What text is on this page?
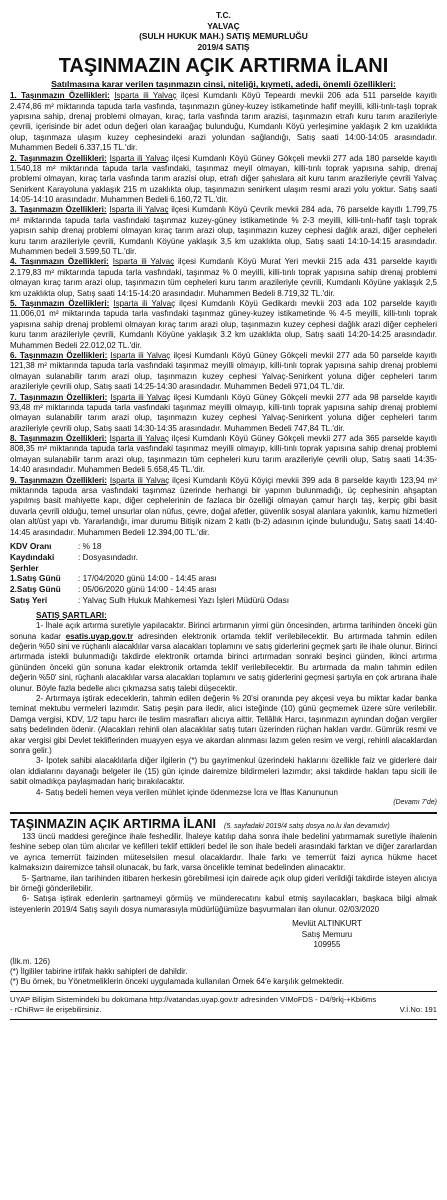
T.C.
YALVAÇ
(SULH HUKUK MAH.) SATIŞ MEMURLUĞU
2019/4 SATIŞ
TAŞINMAZIN AÇIK ARTIRMA İLANI
Satılmasına karar verilen taşınmazın cinsi, niteliği, kıymeti, adedi, önemli özellikleri:
1. Taşınmazın Özellikleri: Isparta ili Yalvaç ilçesi Kumdanlı Köyü Tepeardı mevkii 206 ada 511 parselde kayıtlı 2.474,86 m² miktarında tapuda tarla vasfında, taşınmazın güney-kuzey istikametinde hafif meyilli, killi-tınlı-taşlı toprak yapısına sahip, drenaj problemi olmayan, kıraç, tarla vasfında tarım arazisi, taşınmazın etrafı kuru tarım arazileriyle çevrili, içerisinde bir adet odun değeri olan karaağaç bulunduğu, Kumdanlı Köyü yerleşimine yaklaşık 2 km uzaklıkta olup, taşınmaza ulaşım kuzey cephesindeki arazi yolundan sağlandığı, Satış saati 14:00-14:05 arasındadır. Muhammen Bedeli 6.337,15 TL.'dir.
2. Taşınmazın Özellikleri: Isparta ili Yalvaç ilçesi Kumdanlı Köyü Güney Gökçeli mevkii 277 ada 180 parselde kayıtlı 1.540,18 m² miktarında tapuda tarla vasfındaki, taşınmaz meyil olmayan, killi-tınlı toprak yapısına sahip, drenaj problemi olmayan, kıraç tarla vasfında tarım arazisi olup, etrafı diğer şahıslara ait kuru tarım arazileriyle çevrili Yalvaç Senirkent Karayoluna yaklaşık 215 m uzaklıkta olup, taşınmazın senirkent ulaşım resmi arazi yolu yoktur. Satış saati 14:05-14:10 arasındadır. Muhammen Bedeli 6.160,72 TL.'dir.
3. Taşınmazın Özellikleri: Isparta ili Yalvaç ilçesi Kumdanlı Köyü Çevrik mevkii 284 ada, 76 parselde kayıtlı 1.799,75 m² miktarında tapuda tarla vasfındaki taşınmaz kuzey-güney istikametinde % 2-3 meyilli, killi-tınlı-hafif taşlı toprak yapısın sahip drenaj problemi olmayan kıraç tarım arazi olup, taşınmazın kuzey cephesi dağlık arazi, diğer cepheleri kuru tarım arazileriyle çevrili, Kumdanlı Köyüne yaklaşık 3,5 km uzaklıkta olup, Satış saati 14:10-14:15 arasındadır. Muhammen bedeli 3.599,50 TL.'dir.
4. Taşınmazın Özellikleri: Isparta ili Yalvaç ilçesi Kumdanlı Köyü Murat Yeri mevkii 215 ada 431 parselde kayıtlı 2.179,83 m² miktarında tapuda tarla vasfındaki, taşınmaz % 0 meyilli, killi-tınlı toprak yapısına sahip drenaj problemi olmayan kıraç tarım arazi olup, taşınmazın tüm cepheleri kuru tarım arazileriyle çevrili, Kumdanlı Köyüne yaklaşık 2,5 km uzaklıkta olup, Satış saati 14:15-14:20 arasındadır. Muhammen Bedeli 8.719,32 TL.'dir.
5. Taşınmazın Özellikleri: Isparta ili Yalvaç ilçesi Kumdanlı Köyü Gedikardı mevkii 203 ada 102 parselde kayıtlı 11.006,01 m² miktarında tapuda tarla vasfındaki taşınmaz güney-kuzey istikametinde % 4-5 meyilli, killi-tınlı toprak yapısına sahip drenaj problemi olmayan kıraç tarım arazi olup, taşınmazın kuzey cephesi dağlık arazi diğer cepheleri kuru tarım arazileriyle çevrili, Kumdanlı Köyüne yaklaşık 3.2 km uzaklıkta olup, Satış saati 14:20-14:25 arasındadır. Muhammen Bedeli 22.012,02 TL.'dir.
6. Taşınmazın Özellikleri: Isparta ili Yalvaç ilçesi Kumdanlı Köyü Güney Gökçeli mevkii 277 ada 50 parselde kayıtlı 121,38 m² miktarında tapuda tarla vasfındaki taşınmaz meyilli olmayıp, killi-tınlı toprak yapısına sahip drenaj problemi olmayan sulanabilir tarım arazi olup, taşınmazın kuzey cephesi Yalvaç-Senirkent yoluna diğer cepheleri tarım arazileriyle çevrili olup, Satış saati 14:25-14:30 arasındadır. Muhammen Bedeli 971,04 TL.'dir.
7. Taşınmazın Özellikleri: Isparta ili Yalvaç ilçesi Kumdanlı Köyü Güney Gökçeli mevkii 277 ada 98 parselde kayıtlı 93,48 m² miktarında tapuda tarla vasfındaki taşınmaz meyilli olmayıp, killi-tınlı toprak yapısına sahip drenaj problemi olmayan sulanabilir tarım arazi olup, taşınmazın kuzey cephesi Yalvaç-Senirkent yoluna diğer cepheleri tarım arazileriyle çevrili olup, Satış saati 14:30-14:35 arasındadır. Muhammen Bedeli 747,84 TL.'dir.
8. Taşınmazın Özellikleri: Isparta ili Yalvaç ilçesi Kumdanlı Köyü Güney Gökçeli mevkii 277 ada 365 parselde kayıtlı 808,35 m² miktarında tapuda tarla vasfındaki taşınmaz meyilli olmayıp, killi-tınlı toprak yapısına sahip drenaj problemi olmayan sulanabilir tarım arazi olup, taşınmazın tüm cepheleri kuru tarım arazileriyle çevrili olup, Satış saati 14:35-14:40 arasındadır. Muhammen Bedeli 5.658,45 TL.'dir.
9. Taşınmazın Özellikleri: Isparta ili Yalvaç ilçesi Kumdanlı Köyü Köyiçi mevkii 399 ada 8 parselde kayıtlı 123,94 m² miktarında tapuda arsa vasfındaki taşınmaz üzerinde herhangi bir yapının bulunmadığı, üç cephesinin ahşaptan yapılmış basit mahiyette kapı, diğer cephelerinin de fazlaca bir özelliği olmayan çamur harçlı taş, kerpiç gibi basit duvarla çevrili olduğu, temel unsurlar olan nüfus, çevre, doğal afetler, güvenlik sosyal alanlara yakınlık, kamu hizmetleri olan alt/üst yapı vb. Yararlandığı, imar durumu Bitişik nizam 2 katlı (b-2) adasının içinde bulunduğu, Satış saati 14:40-14:45 arasındadır. Muhammen Bedeli 12.394,00 TL.'dir.
KDV Oranı	: % 18
Kaydındaki Şerhler	: Dosyasındadır.
1.Satış Günü	: 17/04/2020 günü 14:00 - 14:45 arası
2.Satış Günü	: 05/06/2020 günü 14:00 - 14:45 arası
Satış Yeri	: Yalvaç Sulh Hukuk Mahkemesi Yazı İşleri Müdürü Odası
SATIŞ ŞARTLARI:
1- İhale açık artırma suretiyle yapılacaktır. Birinci artırmanın yirmi gün öncesinden, artırma tarihinden önceki gün sonuna kadar esatis.uyap.gov.tr adresinden elektronik ortamda teklif verilebilecektir. Bu artırmada tahmin edilen değerin %50 sini ve rüçhanlı alacaklılar varsa alacakları toplamını ve satış giderlerini geçmek şartı ile ihale olunur. Birinci artırmada istekli bulunmadığı takdirde elektronik ortamda birinci artırmadan sonraki beşinci günden, ikinci artırma gününden önceki gün sonuna kadar elektronik ortamda teklif verilebilecektir. Bu artırmada da malın tahmin edilen değerin %50' sini, rüçhanlı alacaklılar varsa alacakları toplamını ve satış giderlerini geçmesi şartıyla en çok artırana ihale olunur. Böyle fazla bedelle alıcı çıkmazsa satış talebi düşecektir.
2- Artırmaya iştirak edeceklerin, tahmin edilen değerin % 20'si oranında pey akçesi veya bu miktar kadar banka teminat mektubu vermeleri lazımdır. Satış peşin para iledir, alıcı isteğinde (10) günü geçmemek üzere süre verilebilir. Damga vergisi, KDV, 1/2 tapu harcı ile teslim masrafları alıcıya aittir. Tellâllık Harcı, taşınmazın aynından doğan vergiler satış bedelinden ödenir. (Alacakları rehinli olan alacaklılar satış tutarı üzerinden rüçhan hakları vardır. Gümrük resmi ve akar vergisi gibi Devlet tekliflerinden muayyen eşya ve akardan alınması lazım gelen resim ve vergi, rehinli alacaklardan sonra gelir.)
3- İpotek sahibi alacaklılarla diğer ilgilerin (*) bu gayrimenkul üzerindeki haklarını özellikle faiz ve giderlere dair olan iddialarını dayanağı belgeler ile (15) gün içinde dairemize bildirmeleri lazımdır; aksi takdirde hakları tapu sicili ile sabit olmadıkça paylaşmadan hariç bırakılacaktır.
4- Satış bedeli hemen veya verilen mühlet içinde ödenmezse İcra ve İflas Kanununun
(Devamı 7'de)
TAŞINMAZIN AÇIK ARTIRMA İLANI (5. sayfadaki 2019/4 satış dosya no.lu ilan devamıdır)
133 üncü maddesi gereğince ihale feshedilir. İhaleye katılıp daha sonra ihale bedelini yatırmamak suretiyle ihalenin feshine sebep olan tüm alıcılar ve kefilleri teklif ettikleri bedel ile son ihale bedeli arasındaki farktan ve diğer zararlardan ve ayrıca temerrüt faizinden müteselsilen mesul olacaklardır. İhale farkı ve temerrüt faizi ayrıca hükme hacet kalmaksızın dairemizce tahsil olunacak, bu fark, varsa öncelikle teminat bedelinden alınacaktır.
5- Şartname, ilan tarihinden itibaren herkesin görebilmesi için dairede açık olup gideri verildiği takdirde isteyen alıcıya bir örneği gönderilebilir.
6- Satışa iştirak edenlerin şartnameyi görmüş ve münderecatını kabul etmiş sayılacakları, başkaca bilgi almak isteyenlerin 2019/4 Satış sayılı dosya numarasıyla müdürlüğümüze başvurmaları ilan olunur. 02/03/2020
Mevlüt ALTINKURT
Satış Memuru
109955
(İlk.m. 126)
(*) İlgililer tabirine irtifak hakkı sahipleri de dahildir.
(*) Bu örnek, bu Yönetmeliklerin önceki uygulamada kullanılan Örnek 64'e karşılık gelmektedir.
UYAP Bilişim Sistemindeki bu dokümana http://vatandas.uyap.gov.tr adresinden VIMoFDS - D4/9rkj-+Kbi6ms - rChiRw= ile erişebilirsiniz.	V.İ.No: 191
